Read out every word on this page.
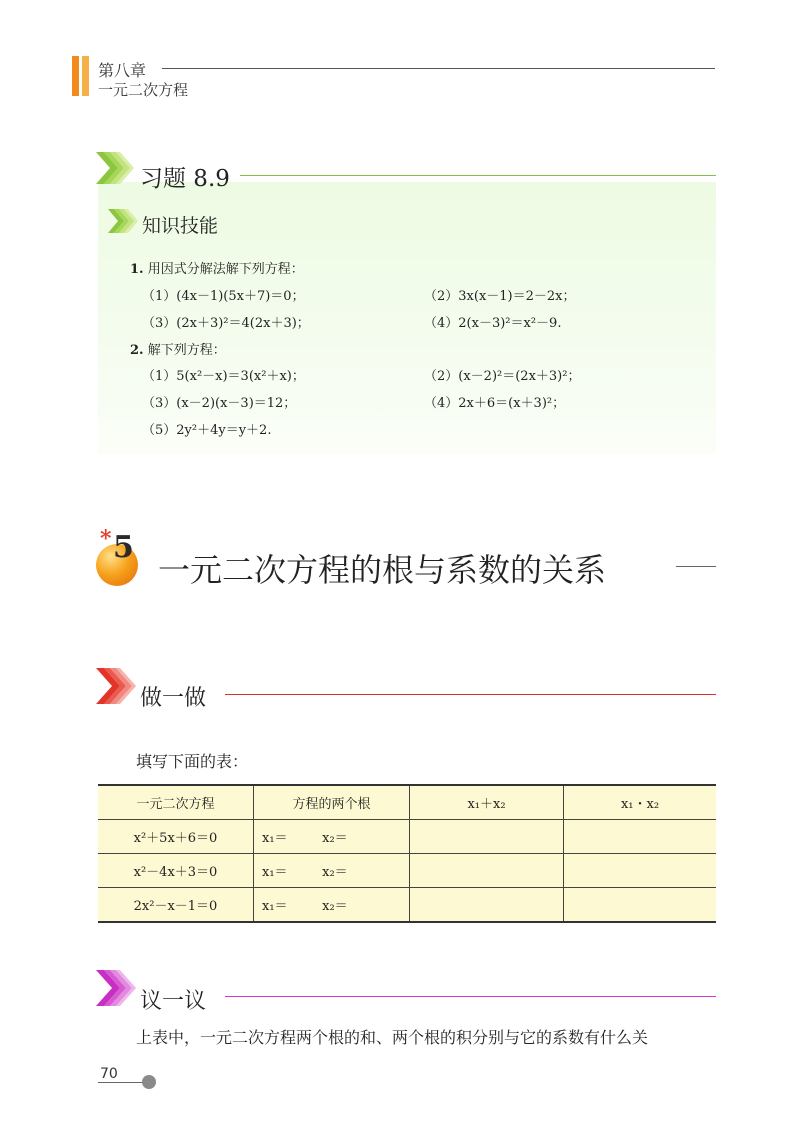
第八章
一元二次方程
习题 8.9
知识技能
1. 用因式分解法解下列方程：
（1）(4x－1)(5x＋7)＝0；	（2）3x(x－1)＝2－2x；
（3）(2x＋3)²＝4(2x＋3)；	（4）2(x－3)²＝x²－9.
2. 解下列方程：
（1）5(x²－x)＝3(x²＋x)；	（2）(x－2)²＝(2x＋3)²；
（3）(x－2)(x－3)＝12；	（4）2x＋6＝(x＋3)²；
（5）2y²＋4y＝y＋2.
* 5
一元二次方程的根与系数的关系
做一做
填写下面的表：
一元二次方程	方程的两个根	x₁＋x₂	x₁・x₂
x²＋5x＋6＝0	x₁＝ x₂＝		
x²－4x＋3＝0	x₁＝ x₂＝		
2x²－x－1＝0	x₁＝ x₂＝		
议一议
上表中，一元二次方程两个根的和、两个根的积分别与它的系数有什么关
70
